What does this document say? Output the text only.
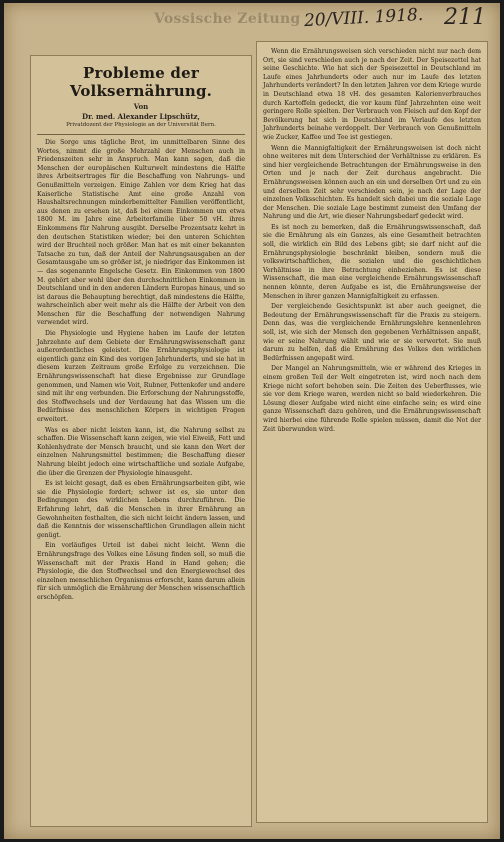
Vossische Zeitung 20/VIII. 1918. 211
Probleme der Volksernährung.
Von
Dr. med. Alexander Lipschütz,
Privatdozent der Physiologie an der Universität Bern.

Die Sorge ums tägliche Brot, im unmittelbaren Sinne des Wortes, nimmt die große Mehrzahl der Menschen auch in Friedenszeiten sehr in Anspruch. Man kann sagen, daß die Menschen der europäischen Kulturwelt mindestens die Hälfte ihres Arbeitsertrages für die Beschaffung von Nahrungs- und Genußmitteln verzeigen. Einige Zahlen vor dem Krieg hat das Kaiserliche Statistische Amt eine große Anzahl von Haushaltsrechnungen minderbemittelter Familien veröffentlicht, aus denen zu ersehen ist, daß bei einem Einkommen um etwa 1800 M. im Jahre eine Arbeiterfamilie über 50 vH. ihres Einkommens für Nahrung ausgibt. Derselbe Prozentsatz kehrt in den deutschen Statistiken wieder; bei den unteren Schichten wird der Bruchteil noch größer. Man hat es mit einer bekannten Tatsache zu tun, daß der Anteil der Nahrungsausgaben an der Gesamtausgabe um so größer ist, je niedriger das Einkommen ist — das sogenannte Engelsche Gesetz. Ein Einkommen von 1800 M. gehört aber wohl über den durchschnittlichen Einkommen in Deutschland und in den anderen Ländern Europas hinaus, und so ist daraus die Behauptung berechtigt, daß mindestens die Hälfte, wahrscheinlich aber weit mehr als die Hälfte der Arbeit von den Menschen für die Beschaffung der notwendigen Nahrung verwendet wird.

Die Physiologie und Hygiene haben im Laufe der letzten Jahrzehnte auf dem Gebiete der Ernährungswissenschaft ganz außerordentliches geleistet. Die Ernährungsphysiologie ist eigentlich ganz ein Kind des vorigen Jahrhunderts, und sie hat in diesem kurzen Zeitraum große Erfolge zu verzeichnen. Die Ernährungswissenschaft hat diese Ergebnisse zur Grundlage genommen, und Namen wie Voit, Rubner, Pettenkofer und andere sind mit ihr eng verbunden. Die Erforschung der Nahrungsstoffe, des Stoffwechsels und der Verdauung hat das Wissen um die Bedürfnisse des menschlichen Körpers in wichtigen Fragen erweitert.

Was es aber nicht leisten kann, ist, die Nahrung selbst zu schaffen. Die Wissenschaft kann zeigen, wie viel Eiweiß, Fett und Kohlenhydrate der Mensch braucht, und sie kann den Wert der einzelnen Nahrungsmittel bestimmen; die Beschaffung dieser Nahrung bleibt jedoch eine wirtschaftliche und soziale Aufgabe, die über die Grenzen der Physiologie hinausgeht.

Es ist leicht gesagt, daß es eben Ernährungsarbeiten gibt, wie sie die Physiologie fordert; schwer ist es, sie unter den Bedingungen des wirklichen Lebens durchzuführen. Die Erfahrung lehrt, daß die Menschen in ihrer Ernährung an Gewohnheiten festhalten, die sich nicht leicht ändern lassen, und daß die Kenntnis der wissenschaftlichen Grundlagen allein nicht genügt.

Ein vorläufiges Urteil ist dabei nicht leicht. Wenn die Ernährungsfrage des Volkes eine Lösung finden soll, so muß die Wissenschaft mit der Praxis Hand in Hand gehen; die Physiologie, die den Stoffwechsel und den Energiewechsel des einzelnen menschlichen Organismus erforscht, kann darum allein für sich unmöglich die Ernährung der Menschen wissenschaftlich erschöpfen.

Wenn die Ernährungsweisen sich verschieden nicht nur nach dem Ort, sie sind verschieden auch je nach der Zeit. Der Speisezettel hat seine Geschichte. Wie hat sich der Speisezettel in Deutschland im Laufe eines Jahrhunderts oder auch nur im Laufe des letzten Jahrhunderts verändert? In den letzten Jahren vor dem Kriege wurde in Deutschland etwa 18 vH. des gesamten Kalorienverbrauches durch Kartoffeln gedeckt, die vor kaum fünf Jahrzehnten eine weit geringere Rolle spielten. Der Verbrauch von Fleisch auf den Kopf der Bevölkerung hat sich in Deutschland im Verlaufe des letzten Jahrhunderts beinahe verdoppelt. Der Verbrauch von Genußmitteln wie Zucker, Kaffee und Tee ist gestiegen.

Wenn die Mannigfaltigkeit der Ernährungsweisen ist doch nicht ohne weiteres mit dem Unterschied der Verhältnisse zu erklären. Es sind hier vergleichende Betrachtungen der Ernährungsweise in den Orten und je nach der Zeit durchaus angebracht. Die Ernährungsweisen können auch an ein und derselben Ort und zu ein und derselben Zeit sehr verschieden sein, je nach der Lage der einzelnen Volksschichten. Es handelt sich dabei um die soziale Lage der Menschen. Die soziale Lage bestimmt zumeist den Umfang der Nahrung und die Art, wie dieser Nahrungsbedarf gedeckt wird.

Es ist noch zu bemerken, daß die Ernährungswissenschaft, daß sie die Ernährung als ein Ganzes, als eine Gesamtheit betrachten soll, die wirklich ein Bild des Lebens gibt; sie darf nicht auf die Ernährungsphysiologie beschränkt bleiben, sondern muß die volkswirtschaftlichen, die sozialen und die geschichtlichen Verhältnisse in ihre Betrachtung einbeziehen. Es ist diese Wissenschaft, die man eine vergleichende Ernährungswissenschaft nennen könnte, deren Aufgabe es ist, die Ernährungsweise der Menschen in ihrer ganzen Mannigfaltigkeit zu erfassen.

Der vergleichende Gesichtspunkt ist aber auch geeignet, die Bedeutung der Ernährungswissenschaft für die Praxis zu steigern. Denn das, was die vergleichende Ernährungslehre kennenlehren soll, ist, wie sich der Mensch den gegebenen Verhältnissen anpaßt, wie er seine Nahrung wählt und wie er sie verwertet. Sie muß darum zu helfen, daß die Ernährung des Volkes den wirklichen Bedürfnissen angepaßt wird.

Der Mangel an Nahrungsmitteln, wie er während des Krieges in einem großen Teil der Welt eingetreten ist, wird noch nach dem Kriege nicht sofort behoben sein. Die Zeiten des Ueberflusses, wie sie vor dem Kriege waren, werden nicht so bald wiederkehren. Die Lösung dieser Aufgabe wird nicht eine einfache sein; es wird eine ganze Wissenschaft dazu gehören, und die Ernährungswissenschaft wird hierbei eine führende Rolle spielen müssen, damit die Not der Zeit überwunden wird.
